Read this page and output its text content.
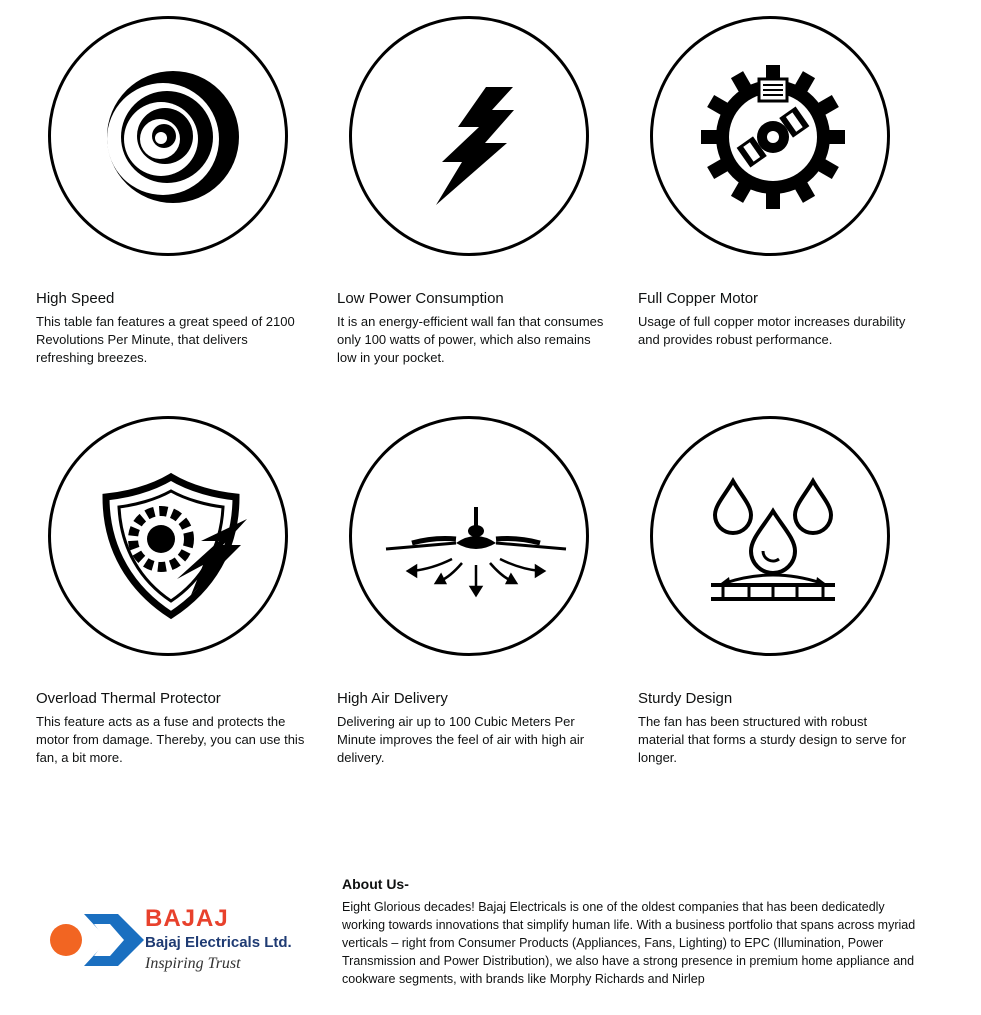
High Speed
This table fan features a great speed of 2100 Revolutions Per Minute, that delivers refreshing breezes.
Low Power Consumption
It is an energy-efficient wall fan that consumes only 100 watts of power, which also remains low in your pocket.
Full Copper Motor
Usage of full copper motor increases durability and provides robust performance.
Overload Thermal Protector
This feature acts as a fuse and protects the motor from damage. Thereby, you can use this fan, a bit more.
High Air Delivery
Delivering air up to 100 Cubic Meters Per Minute improves the feel of air with high air delivery.
Sturdy Design
The fan has been structured with robust material that forms a sturdy design to serve for longer.
BAJAJ
Bajaj Electricals Ltd.
Inspiring Trust
About Us-
Eight Glorious decades! Bajaj Electricals is one of the oldest companies that has been dedicatedly working towards innovations that simplify human life. With a business portfolio that spans across myriad verticals – right from Consumer Products (Appliances, Fans, Lighting) to EPC (Illumination, Power Transmission and Power Distribution), we also have a strong presence in premium home appliance and cookware segments, with brands like Morphy Richards and Nirlep
